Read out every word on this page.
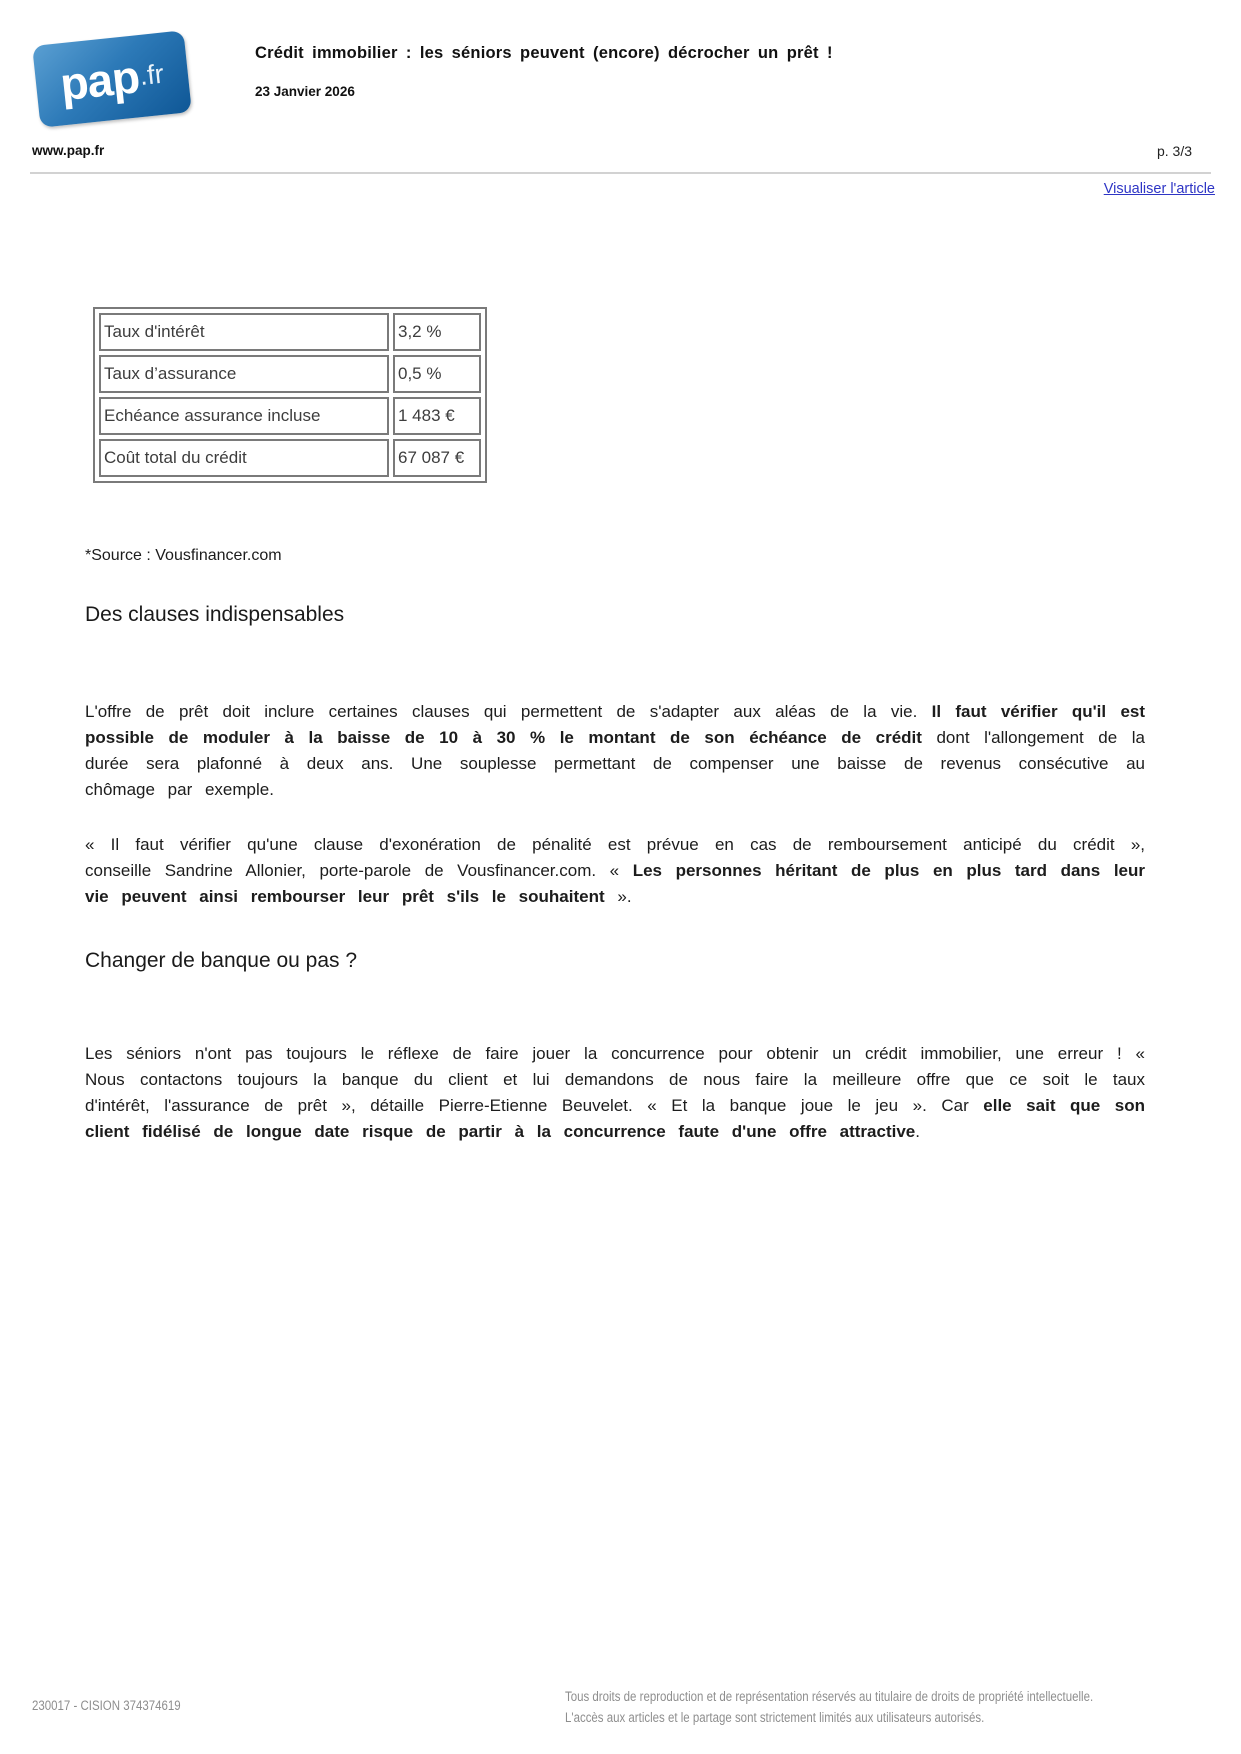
pap
.fr
Crédit immobilier : les séniors peuvent (encore) décrocher un prêt !
23 Janvier 2026
www.pap.fr	p. 3/3
Visualiser l'article
Taux d'intérêt	3,2 %
Taux d’assurance	0,5 %
Echéance assurance incluse	1 483 €
Coût total du crédit	67 087 €
*Source : Vousfinancer.com
Des clauses indispensables

L'offre de prêt doit inclure certaines clauses qui permettent de s'adapter aux aléas de la vie. Il faut vérifier qu'il est possible de moduler à la baisse de 10 à 30 % le montant de son échéance de crédit dont l'allongement de la durée sera plafonné à deux ans. Une souplesse permettant de compenser une baisse de revenus consécutive au chômage par exemple.

« Il faut vérifier qu'une clause d'exonération de pénalité est prévue en cas de remboursement anticipé du crédit », conseille Sandrine Allonier, porte-parole de Vousfinancer.com. « Les personnes héritant de plus en plus tard dans leur vie peuvent ainsi rembourser leur prêt s'ils le souhaitent ».

Changer de banque ou pas ?

Les séniors n'ont pas toujours le réflexe de faire jouer la concurrence pour obtenir un crédit immobilier, une erreur ! « Nous contactons toujours la banque du client et lui demandons de nous faire la meilleure offre que ce soit le taux d'intérêt, l'assurance de prêt », détaille Pierre-Etienne Beuvelet. « Et la banque joue le jeu ». Car elle sait que son client fidélisé de longue date risque de partir à la concurrence faute d'une offre attractive.

230017 - CISION 374374619
Tous droits de reproduction et de représentation réservés au titulaire de droits de propriété intellectuelle.
L'accès aux articles et le partage sont strictement limités aux utilisateurs autorisés.
